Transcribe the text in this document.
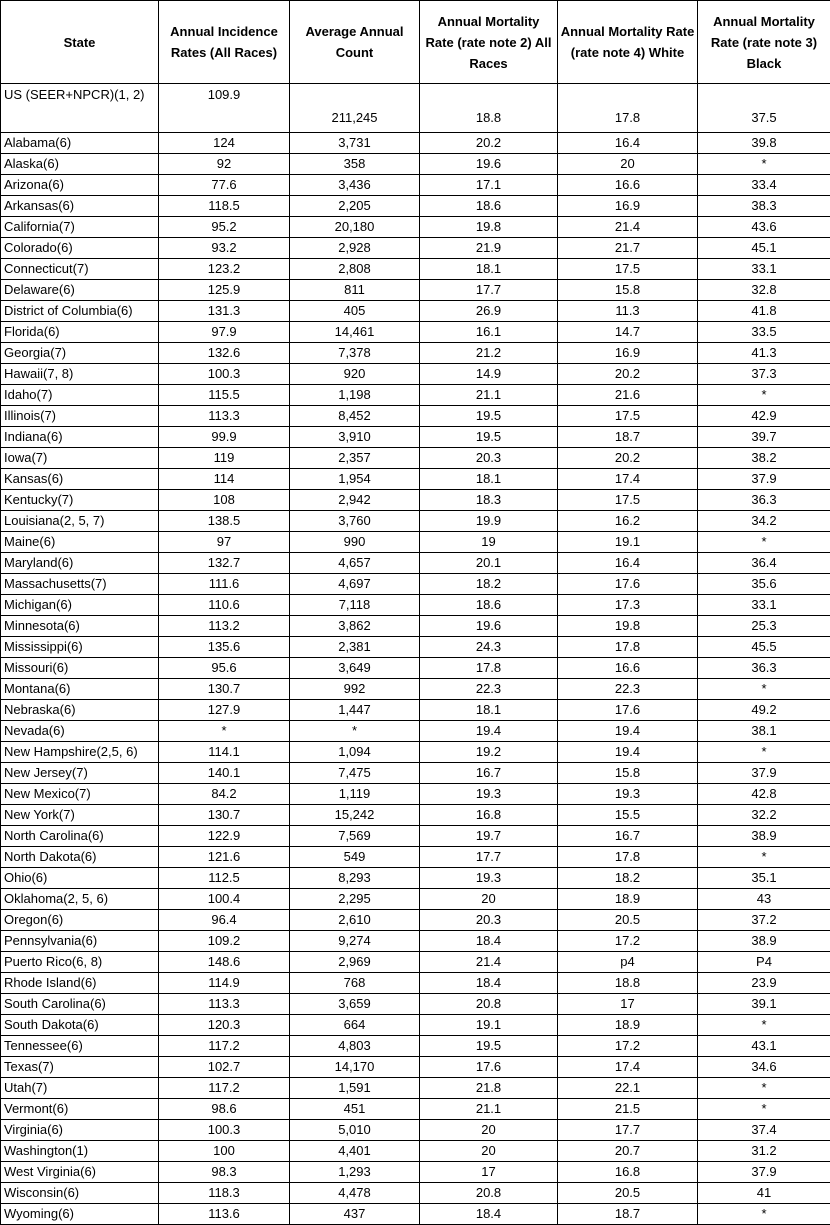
State	Annual Incidence Rates (All Races)	Average Annual Count	Annual Mortality Rate (rate note 2) All Races	Annual Mortality Rate (rate note 4) White	Annual Mortality Rate (rate note 3) Black
US (SEER+NPCR)(1, 2)	109.9	211,245	18.8	17.8	37.5
Alabama(6)	124	3,731	20.2	16.4	39.8
Alaska(6)	92	358	19.6	20	*
Arizona(6)	77.6	3,436	17.1	16.6	33.4
Arkansas(6)	118.5	2,205	18.6	16.9	38.3
California(7)	95.2	20,180	19.8	21.4	43.6
Colorado(6)	93.2	2,928	21.9	21.7	45.1
Connecticut(7)	123.2	2,808	18.1	17.5	33.1
Delaware(6)	125.9	811	17.7	15.8	32.8
District of Columbia(6)	131.3	405	26.9	11.3	41.8
Florida(6)	97.9	14,461	16.1	14.7	33.5
Georgia(7)	132.6	7,378	21.2	16.9	41.3
Hawaii(7, 8)	100.3	920	14.9	20.2	37.3
Idaho(7)	115.5	1,198	21.1	21.6	*
Illinois(7)	113.3	8,452	19.5	17.5	42.9
Indiana(6)	99.9	3,910	19.5	18.7	39.7
Iowa(7)	119	2,357	20.3	20.2	38.2
Kansas(6)	114	1,954	18.1	17.4	37.9
Kentucky(7)	108	2,942	18.3	17.5	36.3
Louisiana(2, 5, 7)	138.5	3,760	19.9	16.2	34.2
Maine(6)	97	990	19	19.1	*
Maryland(6)	132.7	4,657	20.1	16.4	36.4
Massachusetts(7)	111.6	4,697	18.2	17.6	35.6
Michigan(6)	110.6	7,118	18.6	17.3	33.1
Minnesota(6)	113.2	3,862	19.6	19.8	25.3
Mississippi(6)	135.6	2,381	24.3	17.8	45.5
Missouri(6)	95.6	3,649	17.8	16.6	36.3
Montana(6)	130.7	992	22.3	22.3	*
Nebraska(6)	127.9	1,447	18.1	17.6	49.2
Nevada(6)	*	*	19.4	19.4	38.1
New Hampshire(2,5, 6)	114.1	1,094	19.2	19.4	*
New Jersey(7)	140.1	7,475	16.7	15.8	37.9
New Mexico(7)	84.2	1,119	19.3	19.3	42.8
New York(7)	130.7	15,242	16.8	15.5	32.2
North Carolina(6)	122.9	7,569	19.7	16.7	38.9
North Dakota(6)	121.6	549	17.7	17.8	*
Ohio(6)	112.5	8,293	19.3	18.2	35.1
Oklahoma(2, 5, 6)	100.4	2,295	20	18.9	43
Oregon(6)	96.4	2,610	20.3	20.5	37.2
Pennsylvania(6)	109.2	9,274	18.4	17.2	38.9
Puerto Rico(6, 8)	148.6	2,969	21.4	p4	P4
Rhode Island(6)	114.9	768	18.4	18.8	23.9
South Carolina(6)	113.3	3,659	20.8	17	39.1
South Dakota(6)	120.3	664	19.1	18.9	*
Tennessee(6)	117.2	4,803	19.5	17.2	43.1
Texas(7)	102.7	14,170	17.6	17.4	34.6
Utah(7)	117.2	1,591	21.8	22.1	*
Vermont(6)	98.6	451	21.1	21.5	*
Virginia(6)	100.3	5,010	20	17.7	37.4
Washington(1)	100	4,401	20	20.7	31.2
West Virginia(6)	98.3	1,293	17	16.8	37.9
Wisconsin(6)	118.3	4,478	20.8	20.5	41
Wyoming(6)	113.6	437	18.4	18.7	*
